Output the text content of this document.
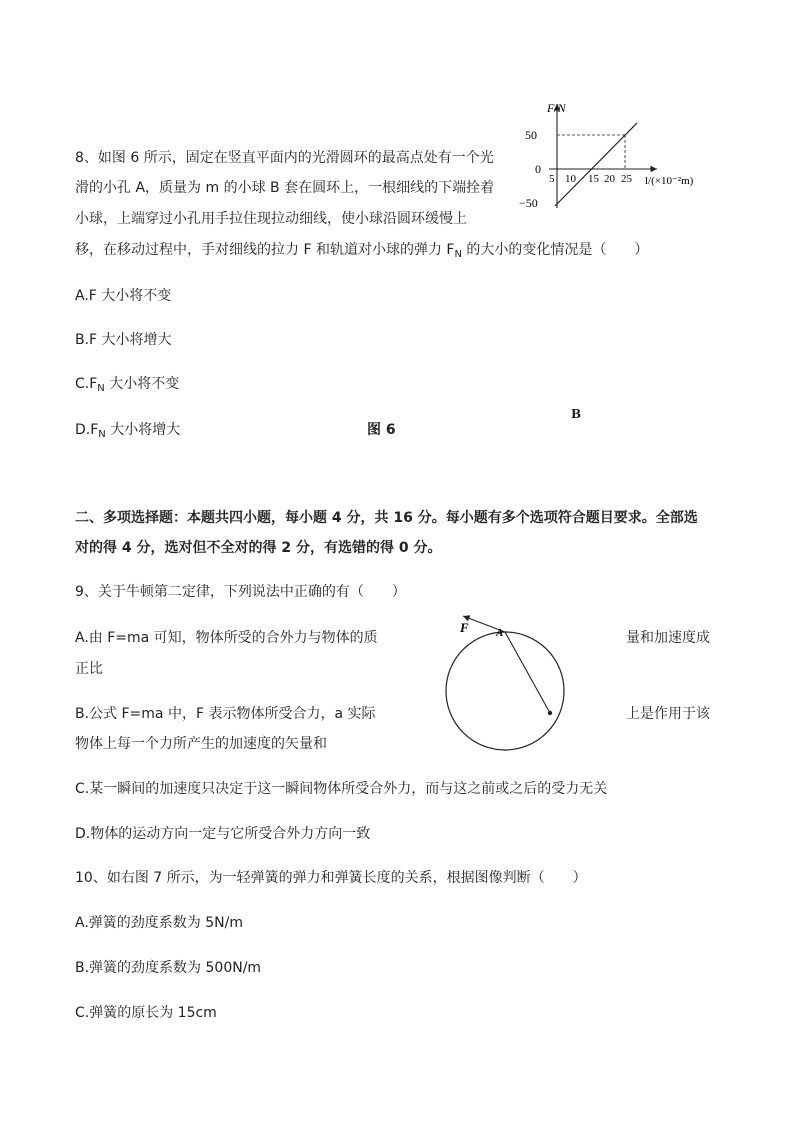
8、如图 6 所示，固定在竖直平面内的光滑圆环的最高点处有一个光
滑的小孔 A，质量为 m 的小球 B 套在圆环上，一根细线的下端拴着
小球，上端穿过小孔用手拉住现拉动细线，使小球沿圆环缓慢上
移，在移动过程中，手对细线的拉力 F 和轨道对小球的弹力 $F_N$ 的大小的变化情况是（　　）
A.F 大小将不变
B.F 大小将增大
$C.F_N$ 大小将不变
$D.F_N$ 大小将增大	图 6
B
F/N
l/(×10⁻²m)
50
0
−50
5 10 15 20 25
二、多项选择题：本题共四小题，每小题 4 分，共 16 分。每小题有多个选项符合题目要求。全部选
对的得 4 分，选对但不全对的得 2 分，有选错的得 0 分。
9、关于牛顿第二定律，下列说法中正确的有（　　）
A.由 F=ma 可知，物体所受的合外力与物体的质	量和加速度成
正比
B.公式 F=ma 中，F 表示物体所受合力，a 实际	上是作用于该
物体上每一个力所产生的加速度的矢量和
C.某一瞬间的加速度只决定于这一瞬间物体所受合外力，而与这之前或之后的受力无关
D.物体的运动方向一定与它所受合外力方向一致
F A
10、如右图 7 所示，为一轻弹簧的弹力和弹簧长度的关系，根据图像判断（　　）
A.弹簧的劲度系数为 5N/m
B.弹簧的劲度系数为 500N/m
C.弹簧的原长为 15cm
